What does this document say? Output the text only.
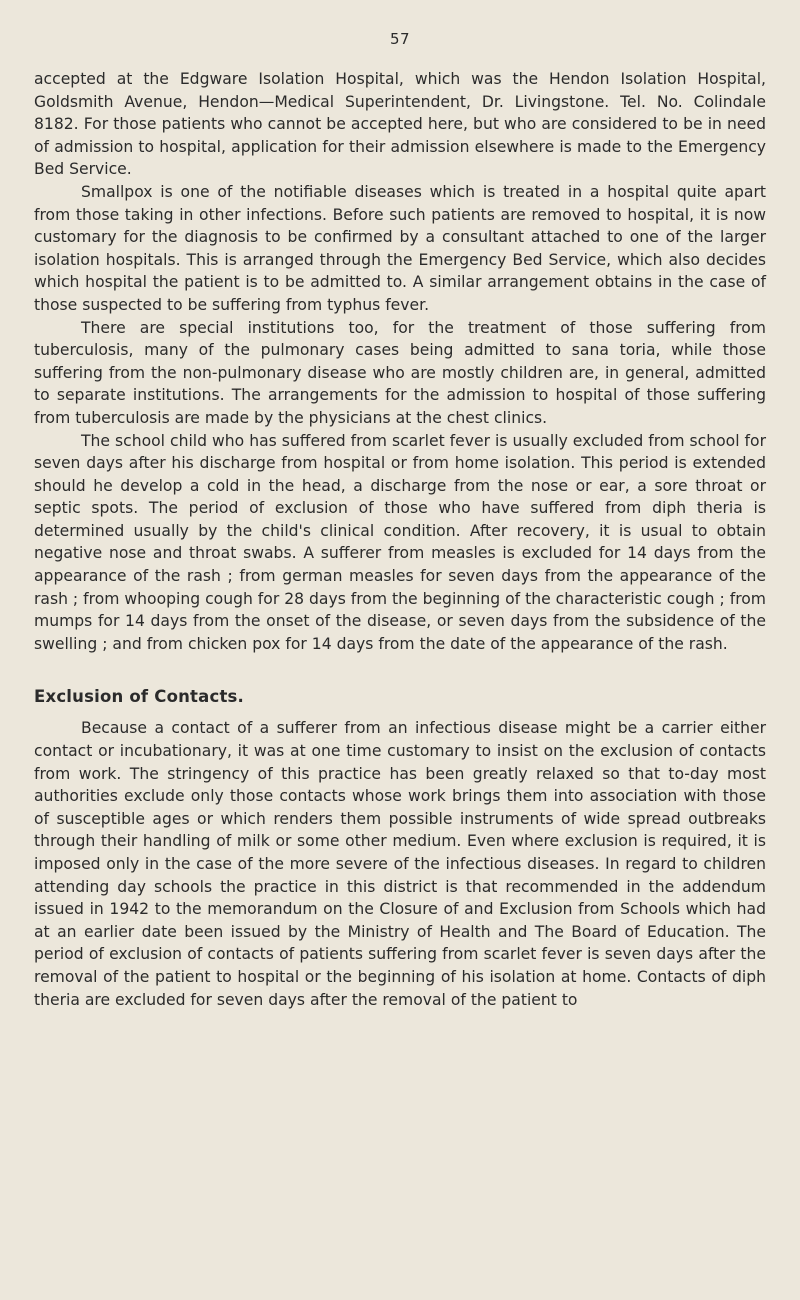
57

accepted at the Edgware Isolation Hospital, which was the Hendon Isolation Hospital, Goldsmith Avenue, Hendon—Medical Superintendent, Dr. Livingstone. Tel. No. Colindale 8182. For those patients who cannot be accepted here, but who are considered to be in need of admission to hospital, application for their admission elsewhere is made to the Emergency Bed Service.

Smallpox is one of the notifiable diseases which is treated in a hospital quite apart from those taking in other infections. Before such patients are removed to hospital, it is now customary for the diagnosis to be confirmed by a consultant attached to one of the larger isolation hospitals. This is arranged through the Emergency Bed Service, which also decides which hospital the patient is to be admitted to. A similar arrangement obtains in the case of those suspected to be suffering from typhus fever.

There are special institutions too, for the treatment of those suffering from tuberculosis, many of the pulmonary cases being admitted to sana toria, while those suffering from the non-pulmonary disease who are mostly children are, in general, admitted to separate institutions. The arrangements for the admission to hospital of those suffering from tuberculosis are made by the physicians at the chest clinics.

The school child who has suffered from scarlet fever is usually excluded from school for seven days after his discharge from hospital or from home isolation. This period is extended should he develop a cold in the head, a discharge from the nose or ear, a sore throat or septic spots. The period of exclusion of those who have suffered from diph theria is determined usually by the child's clinical condition. After recovery, it is usual to obtain negative nose and throat swabs. A sufferer from measles is excluded for 14 days from the appearance of the rash ; from german measles for seven days from the appearance of the rash ; from whooping cough for 28 days from the beginning of the characteristic cough ; from mumps for 14 days from the onset of the disease, or seven days from the subsidence of the swelling ; and from chicken pox for 14 days from the date of the appearance of the rash.

Exclusion of Contacts.

Because a contact of a sufferer from an infectious disease might be a carrier either contact or incubationary, it was at one time customary to insist on the exclusion of contacts from work. The stringency of this practice has been greatly relaxed so that to-day most authorities exclude only those contacts whose work brings them into association with those of susceptible ages or which renders them possible instruments of wide spread outbreaks through their handling of milk or some other medium. Even where exclusion is required, it is imposed only in the case of the more severe of the infectious diseases. In regard to children attending day schools the practice in this district is that recommended in the addendum issued in 1942 to the memorandum on the Closure of and Exclusion from Schools which had at an earlier date been issued by the Ministry of Health and The Board of Education. The period of exclusion of contacts of patients suffering from scarlet fever is seven days after the removal of the patient to hospital or the beginning of his isolation at home. Contacts of diph theria are excluded for seven days after the removal of the patient to
